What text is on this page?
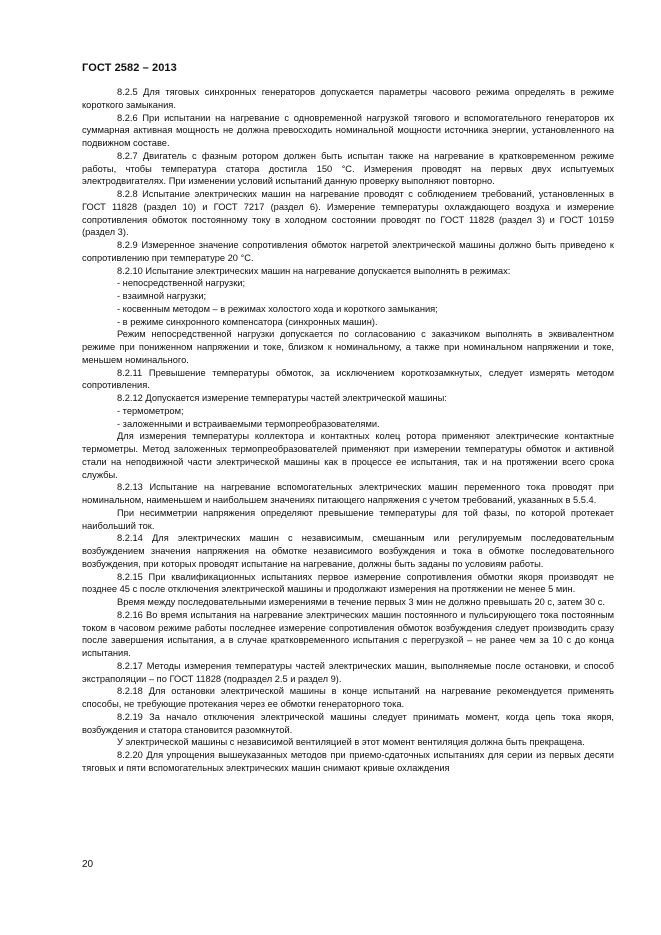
ГОСТ 2582 – 2013

8.2.5 Для тяговых синхронных генераторов допускается параметры часового режима определять в режиме короткого замыкания.

8.2.6 При испытании на нагревание с одновременной нагрузкой тягового и вспомогательного генераторов их суммарная активная мощность не должна превосходить номинальной мощности источника энергии, установленного на подвижном составе.

8.2.7 Двигатель с фазным ротором должен быть испытан также на нагревание в кратковременном режиме работы, чтобы температура статора достигла 150 °С. Измерения проводят на первых двух испытуемых электродвигателях. При изменении условий испытаний данную проверку выполняют повторно.

8.2.8 Испытание электрических машин на нагревание проводят с соблюдением требований, установленных в ГОСТ 11828 (раздел 10) и ГОСТ 7217 (раздел 6). Измерение температуры охлаждающего воздуха и измерение сопротивления обмоток постоянному току в холодном состоянии проводят по ГОСТ 11828 (раздел 3) и ГОСТ 10159 (раздел 3).

8.2.9 Измеренное значение сопротивления обмоток нагретой электрической машины должно быть приведено к сопротивлению при температуре 20 °С.

8.2.10 Испытание электрических машин на нагревание допускается выполнять в режимах:

- непосредственной нагрузки;

- взаимной нагрузки;

- косвенным методом – в режимах холостого хода и короткого замыкания;

- в режиме синхронного компенсатора (синхронных машин).

Режим непосредственной нагрузки допускается по согласованию с заказчиком выполнять в эквивалентном режиме при пониженном напряжении и токе, близком к номинальному, а также при номинальном напряжении и токе, меньшем номинального.

8.2.11 Превышение температуры обмоток, за исключением короткозамкнутых, следует измерять методом сопротивления.

8.2.12 Допускается измерение температуры частей электрической машины:

- термометром;

- заложенными и встраиваемыми термопреобразователями.

Для измерения температуры коллектора и контактных колец ротора применяют электрические контактные термометры. Метод заложенных термопреобразователей применяют при измерении температуры обмоток и активной стали на неподвижной части электрической машины как в процессе ее испытания, так и на протяжении всего срока службы.

8.2.13 Испытание на нагревание вспомогательных электрических машин переменного тока проводят при номинальном, наименьшем и наибольшем значениях питающего напряжения с учетом требований, указанных в 5.5.4.

При несимметрии напряжения определяют превышение температуры для той фазы, по которой протекает наибольший ток.

8.2.14 Для электрических машин с независимым, смешанным или регулируемым последовательным возбуждением значения напряжения на обмотке независимого возбуждения и тока в обмотке последовательного возбуждения, при которых проводят испытание на нагревание, должны быть заданы по условиям работы.

8.2.15 При квалификационных испытаниях первое измерение сопротивления обмотки якоря производят не позднее 45 с после отключения электрической машины и продолжают измерения на протяжении не менее 5 мин.

Время между последовательными измерениями в течение первых 3 мин не должно превышать 20 с, затем 30 с.

8.2.16 Во время испытания на нагревание электрических машин постоянного и пульсирующего тока постоянным током в часовом режиме работы последнее измерение сопротивления обмоток возбуждения следует производить сразу после завершения испытания, а в случае кратковременного испытания с перегрузкой – не ранее чем за 10 с до конца испытания.

8.2.17 Методы измерения температуры частей электрических машин, выполняемые после остановки, и способ экстраполяции – по ГОСТ 11828 (подраздел 2.5 и раздел 9).

8.2.18 Для остановки электрической машины в конце испытаний на нагревание рекомендуется применять способы, не требующие протекания через ее обмотки генераторного тока.

8.2.19 За начало отключения электрической машины следует принимать момент, когда цепь тока якоря, возбуждения и статора становится разомкнутой.

У электрической машины с независимой вентиляцией в этот момент вентиляция должна быть прекращена.

8.2.20 Для упрощения вышеуказанных методов при приемо-сдаточных испытаниях для серии из первых десяти тяговых и пяти вспомогательных электрических машин снимают кривые охлаждения

20
